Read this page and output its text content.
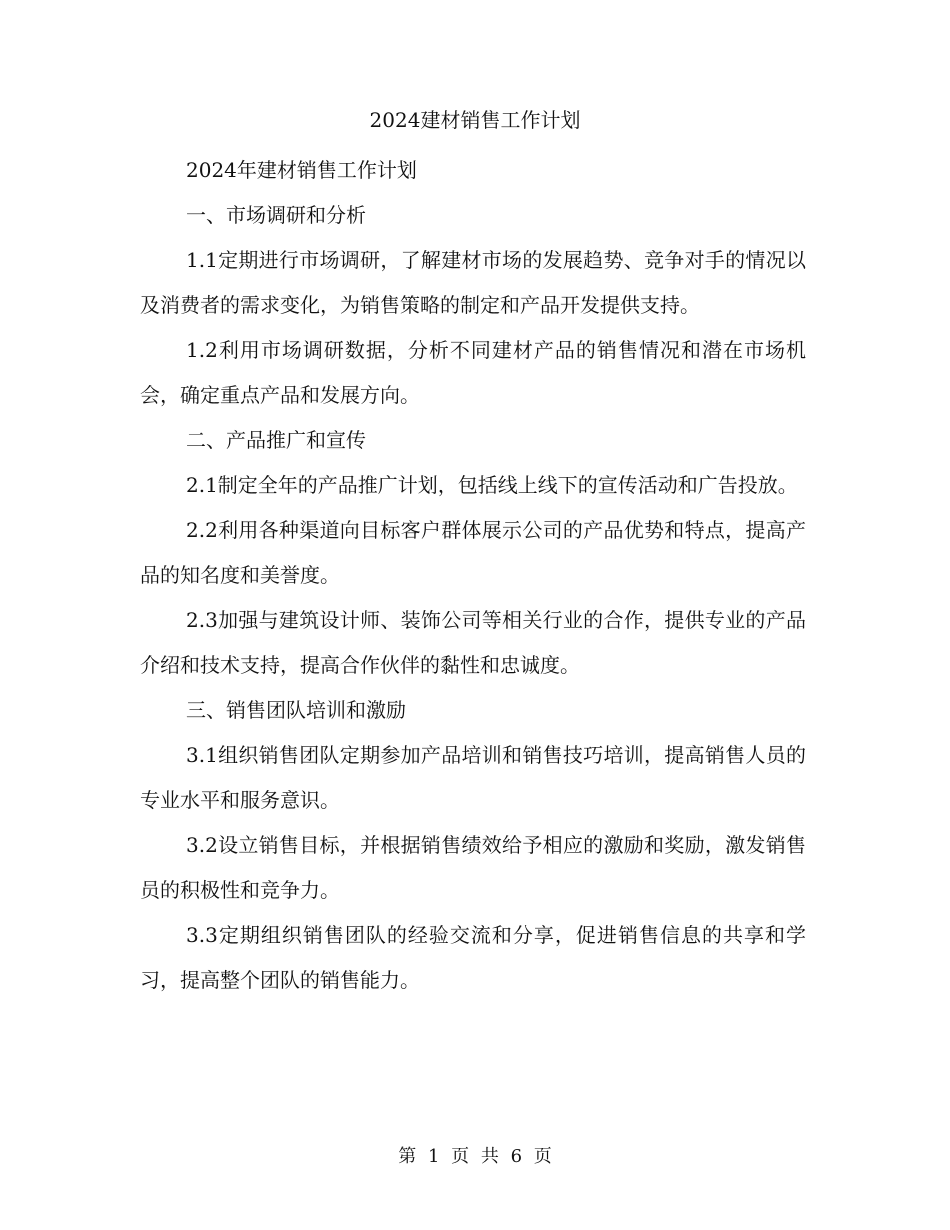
2024建材销售工作计划

2024年建材销售工作计划

一、市场调研和分析

1.1定期进行市场调研，了解建材市场的发展趋势、竞争对手的情况以及消费者的需求变化，为销售策略的制定和产品开发提供支持。

1.2利用市场调研数据，分析不同建材产品的销售情况和潜在市场机会，确定重点产品和发展方向。

二、产品推广和宣传

2.1制定全年的产品推广计划，包括线上线下的宣传活动和广告投放。

2.2利用各种渠道向目标客户群体展示公司的产品优势和特点，提高产品的知名度和美誉度。

2.3加强与建筑设计师、装饰公司等相关行业的合作，提供专业的产品介绍和技术支持，提高合作伙伴的黏性和忠诚度。

三、销售团队培训和激励

3.1组织销售团队定期参加产品培训和销售技巧培训，提高销售人员的专业水平和服务意识。

3.2设立销售目标，并根据销售绩效给予相应的激励和奖励，激发销售员的积极性和竞争力。

3.3定期组织销售团队的经验交流和分享，促进销售信息的共享和学习，提高整个团队的销售能力。

第 1 页 共 6 页
